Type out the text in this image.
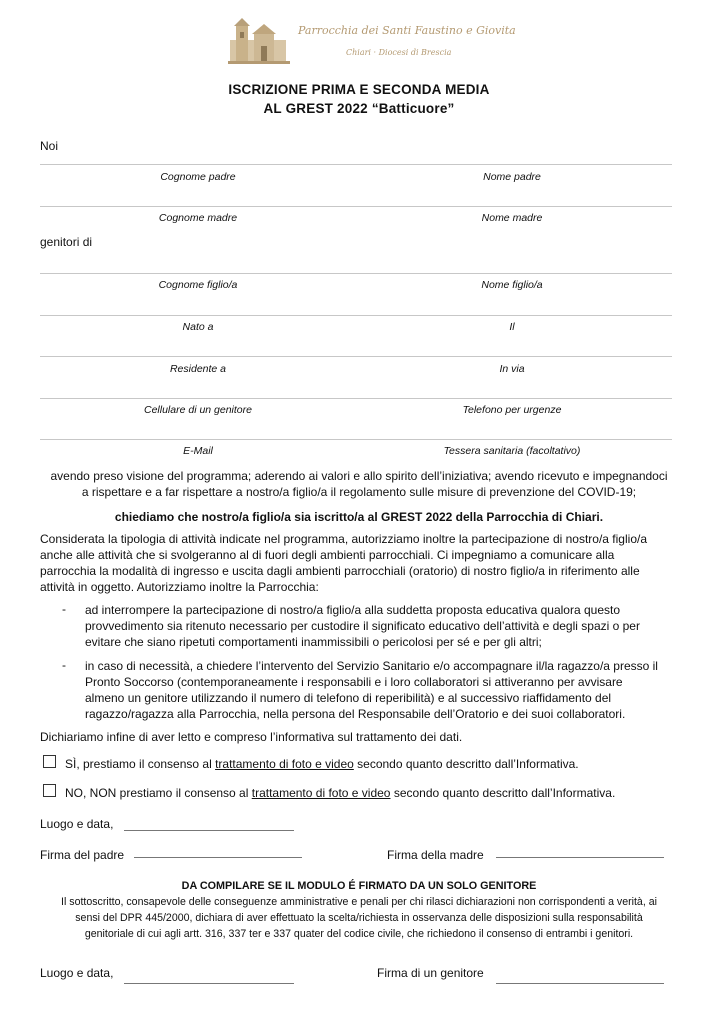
Parrocchia dei Santi Faustino e Giovita
Chiari · Diocesi di Brescia
ISCRIZIONE PRIMA E SECONDA MEDIA
AL GREST 2022 “Batticuore”
Noi
Cognome padre	Nome padre
Cognome madre	Nome madre
genitori di
Cognome figlio/a	Nome figlio/a
Nato a	Il
Residente a	In via
Cellulare di un genitore	Telefono per urgenze
E-Mail	Tessera sanitaria (facoltativo)
avendo preso visione del programma; aderendo ai valori e allo spirito dell’iniziativa; avendo ricevuto e impegnandoci
a rispettare e a far rispettare a nostro/a figlio/a il regolamento sulle misure di prevenzione del COVID-19;
chiediamo che nostro/a figlio/a sia iscritto/a al GREST 2022 della Parrocchia di Chiari.
Considerata la tipologia di attività indicate nel programma, autorizziamo inoltre la partecipazione di nostro/a figlio/a
anche alle attività che si svolgeranno al di fuori degli ambienti parrocchiali. Ci impegniamo a comunicare alla
parrocchia la modalità di ingresso e uscita dagli ambienti parrocchiali (oratorio) di nostro figlio/a in riferimento alle
attività in oggetto. Autorizziamo inoltre la Parrocchia:
- ad interrompere la partecipazione di nostro/a figlio/a alla suddetta proposta educativa qualora questo
provvedimento sia ritenuto necessario per custodire il significato educativo dell’attività e degli spazi o per
evitare che siano ripetuti comportamenti inammissibili o pericolosi per sé e per gli altri;
- in caso di necessità, a chiedere l’intervento del Servizio Sanitario e/o accompagnare il/la ragazzo/a presso il
Pronto Soccorso (contemporaneamente i responsabili e i loro collaboratori si attiveranno per avvisare
almeno un genitore utilizzando il numero di telefono di reperibilità) e al successivo riaffidamento del
ragazzo/ragazza alla Parrocchia, nella persona del Responsabile dell’Oratorio e dei suoi collaboratori.
Dichiariamo infine di aver letto e compreso l’informativa sul trattamento dei dati.
SÌ, prestiamo il consenso al trattamento di foto e video secondo quanto descritto dall’Informativa.
NO, NON prestiamo il consenso al trattamento di foto e video secondo quanto descritto dall’Informativa.
Luogo e data,
Firma del padre	Firma della madre
DA COMPILARE SE IL MODULO É FIRMATO DA UN SOLO GENITORE
Il sottoscritto, consapevole delle conseguenze amministrative e penali per chi rilasci dichiarazioni non corrispondenti a verità, ai
sensi del DPR 445/2000, dichiara di aver effettuato la scelta/richiesta in osservanza delle disposizioni sulla responsabilità
genitoriale di cui agli artt. 316, 337 ter e 337 quater del codice civile, che richiedono il consenso di entrambi i genitori.
Luogo e data,	Firma di un genitore
